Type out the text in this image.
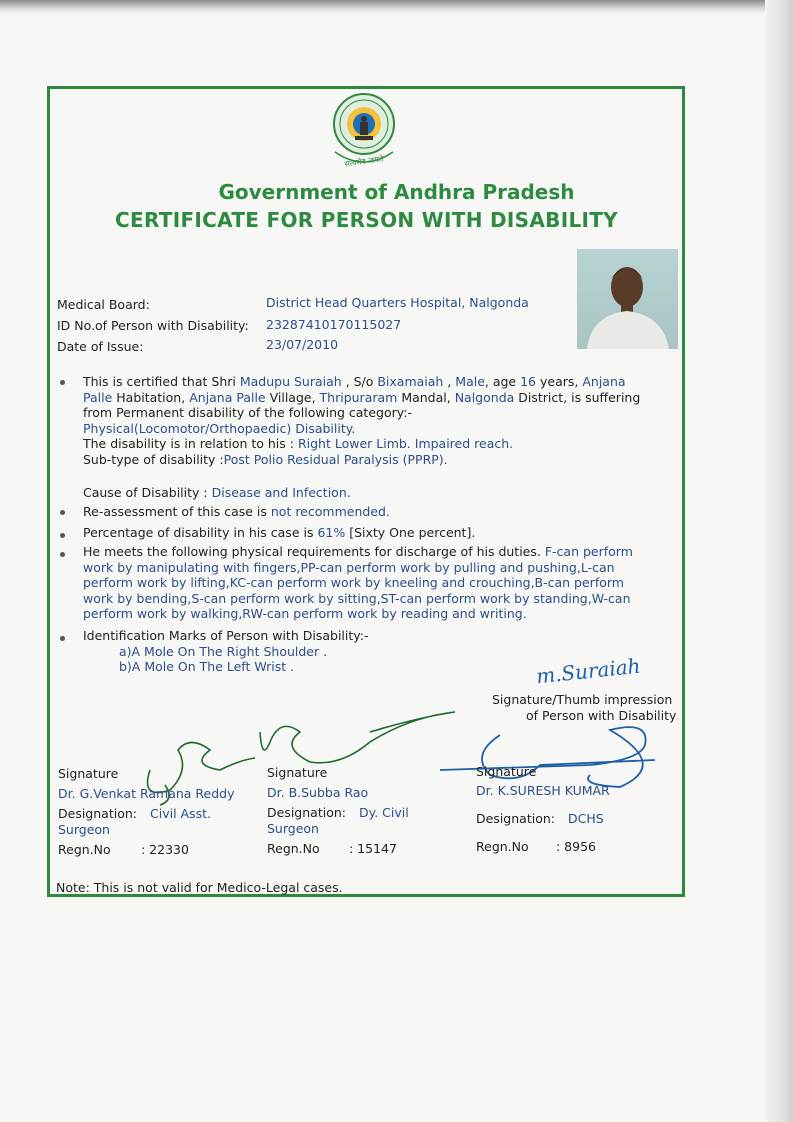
सत्यमेव जयते
Government of Andhra Pradesh
CERTIFICATE FOR PERSON WITH DISABILITY
Medical Board:	District Head Quarters Hospital, Nalgonda
ID No.of Person with Disability: 23287410170115027
Date of Issue:	23/07/2010
This is certified that Shri Madupu Suraiah , S/o Bixamaiah , Male, age 16 years, Anjana
Palle Habitation, Anjana Palle Village, Thripuraram Mandal, Nalgonda District, is suffering
from Permanent disability of the following category:-
Physical(Locomotor/Orthopaedic) Disability.
The disability is in relation to his : Right Lower Limb. Impaired reach.
Sub-type of disability :Post Polio Residual Paralysis (PPRP).
Cause of Disability : Disease and Infection.
Re-assessment of this case is not recommended.
Percentage of disability in his case is 61% [Sixty One percent].
He meets the following physical requirements for discharge of his duties. F-can perform
work by manipulating with fingers,PP-can perform work by pulling and pushing,L-can
perform work by lifting,KC-can perform work by kneeling and crouching,B-can perform
work by bending,S-can perform work by sitting,ST-can perform work by standing,W-can
perform work by walking,RW-can perform work by reading and writing.
Identification Marks of Person with Disability:-
a)A Mole On The Right Shoulder .
b)A Mole On The Left Wrist .	m.Suraiah
Signature/Thumb impression
of Person with Disability
Signature
Dr. G.Venkat Ramana Reddy
Designation: Civil Asst.
Surgeon
Regn.No : 22330
Signature
Dr. B.Subba Rao
Designation: Dy. Civil
Surgeon
Regn.No : 15147
Signature
Dr. K.SURESH KUMAR
Designation: DCHS
Regn.No : 8956
Note: This is not valid for Medico-Legal cases.
